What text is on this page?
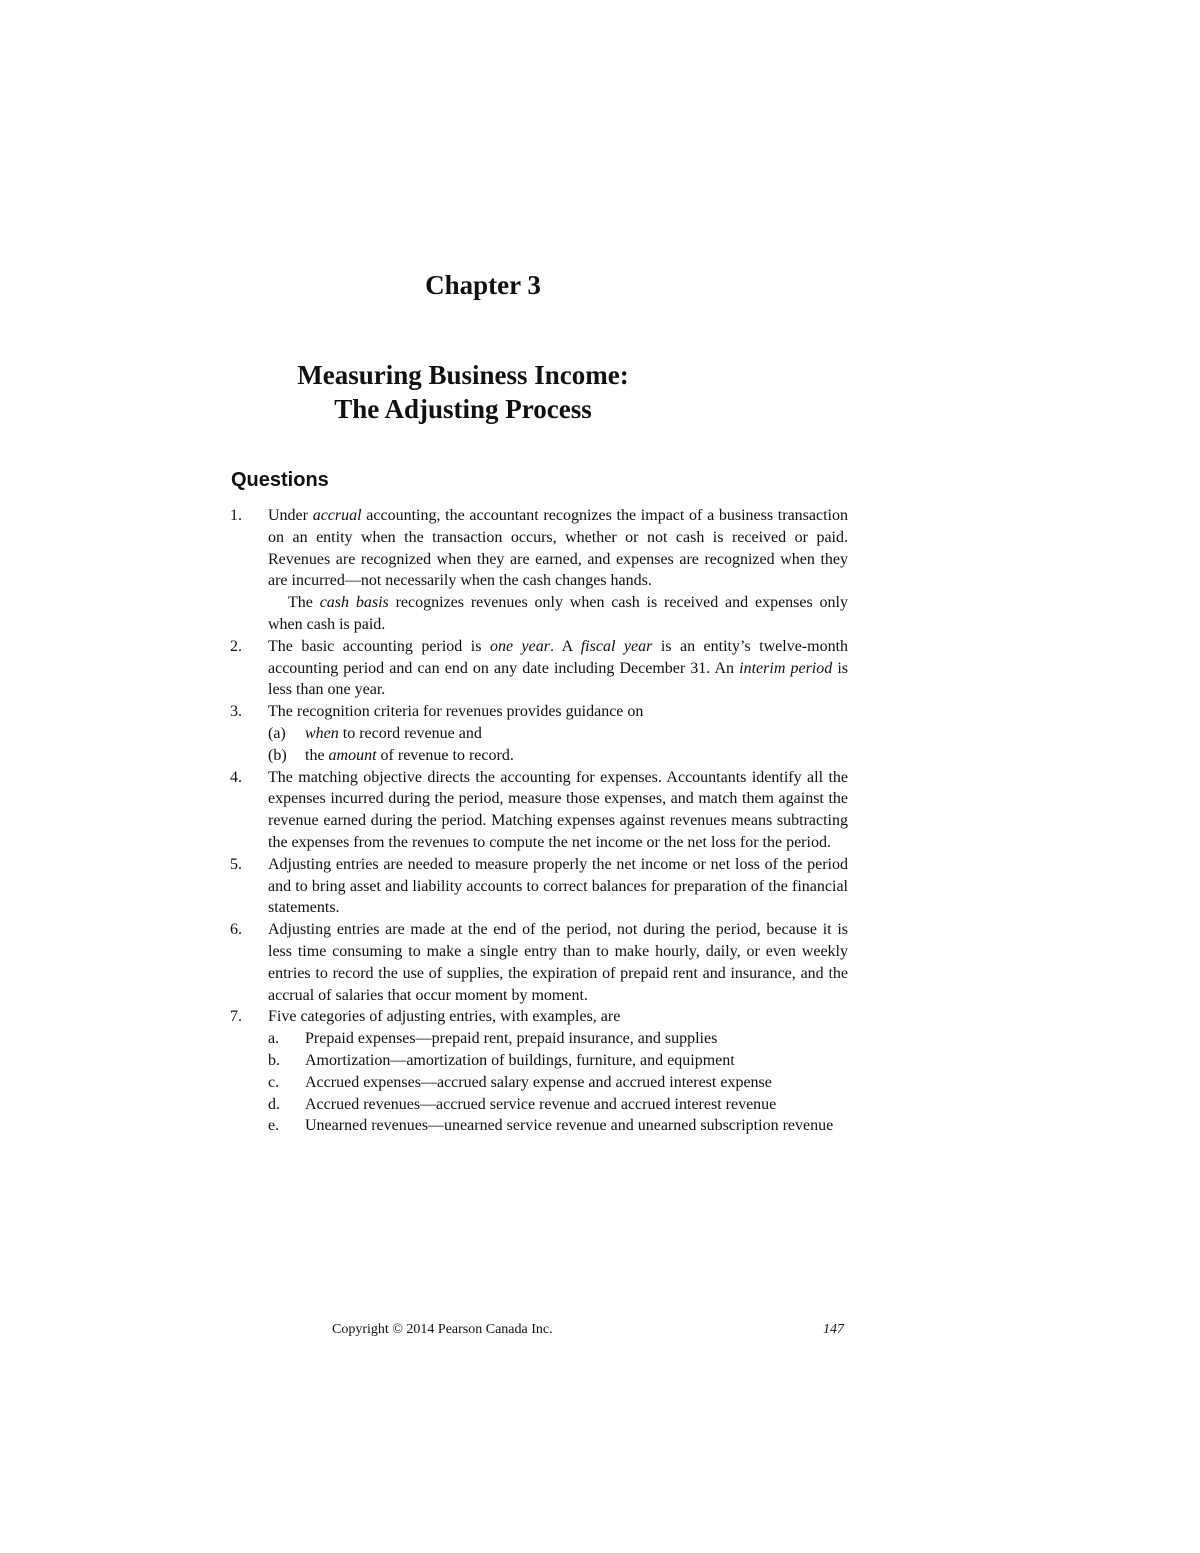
Chapter 3
Measuring Business Income:
The Adjusting Process
Questions
1. Under accrual accounting, the accountant recognizes the impact of a business transaction on an entity when the transaction occurs, whether or not cash is received or paid. Revenues are recognized when they are earned, and expenses are recognized when they are incurred—not necessarily when the cash changes hands.

The cash basis recognizes revenues only when cash is received and expenses only when cash is paid.

2. The basic accounting period is one year. A fiscal year is an entity’s twelve-month accounting period and can end on any date including December 31. An interim period is less than one year.

3. The recognition criteria for revenues provides guidance on

(a) when to record revenue and
(b) the amount of revenue to record.
4. The matching objective directs the accounting for expenses. Accountants identify all the expenses incurred during the period, measure those expenses, and match them against the revenue earned during the period. Matching expenses against revenues means subtracting the expenses from the revenues to compute the net income or the net loss for the period.

5. Adjusting entries are needed to measure properly the net income or net loss of the period and to bring asset and liability accounts to correct balances for preparation of the financial statements.

6. Adjusting entries are made at the end of the period, not during the period, because it is less time consuming to make a single entry than to make hourly, daily, or even weekly entries to record the use of supplies, the expiration of prepaid rent and insurance, and the accrual of salaries that occur moment by moment.

7. Five categories of adjusting entries, with examples, are

a. Prepaid expenses—prepaid rent, prepaid insurance, and supplies
b. Amortization—amortization of buildings, furniture, and equipment
c. Accrued expenses—accrued salary expense and accrued interest expense
d. Accrued revenues—accrued service revenue and accrued interest revenue
e. Unearned revenues—unearned service revenue and unearned subscription revenue
Copyright © 2014 Pearson Canada Inc.	147
